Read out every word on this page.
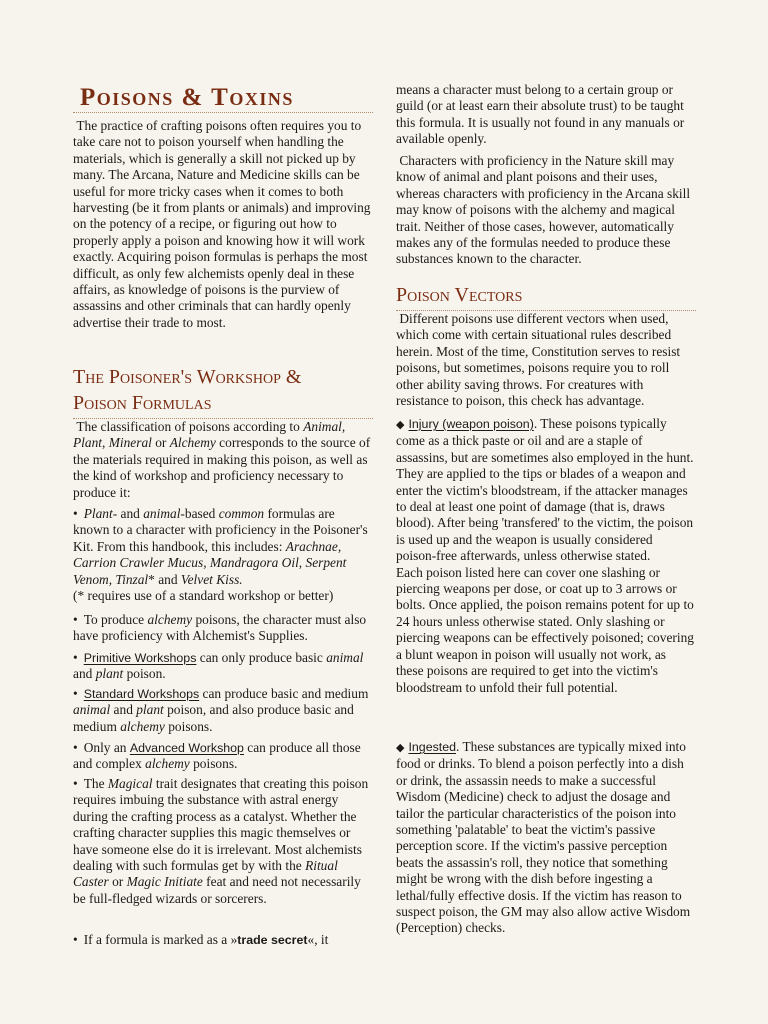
Poisons & Toxins

The practice of crafting poisons often requires you to take care not to poison yourself when handling the materials, which is generally a skill not picked up by many. The Arcana, Nature and Medicine skills can be useful for more tricky cases when it comes to both harvesting (be it from plants or animals) and improving on the potency of a recipe, or figuring out how to properly apply a poison and knowing how it will work exactly. Acquiring poison formulas is perhaps the most difficult, as only few alchemists openly deal in these affairs, as knowledge of poisons is the purview of assassins and other criminals that can hardly openly advertise their trade to most.

The Poisoner's Workshop &
Poison Formulas

The classification of poisons according to Animal, Plant, Mineral or Alchemy corresponds to the source of the materials required in making this poison, as well as the kind of workshop and proficiency necessary to produce it:

• Plant- and animal-based common formulas are known to a character with proficiency in the Poisoner's Kit. From this handbook, this includes: Arachnae, Carrion Crawler Mucus, Mandragora Oil, Serpent Venom, Tinzal* and Velvet Kiss.
(* requires use of a standard workshop or better)

• To produce alchemy poisons, the character must also have proficiency with Alchemist's Supplies.

• Primitive Workshops can only produce basic animal and plant poison.

• Standard Workshops can produce basic and medium animal and plant poison, and also produce basic and medium alchemy poisons.

• Only an Advanced Workshop can produce all those and complex alchemy poisons.

• The Magical trait designates that creating this poison requires imbuing the substance with astral energy during the crafting process as a catalyst. Whether the crafting character supplies this magic themselves or have someone else do it is irrelevant. Most alchemists dealing with such formulas get by with the Ritual Caster or Magic Initiate feat and need not necessarily be full-fledged wizards or sorcerers.

• If a formula is marked as a »trade secret«, it

means a character must belong to a certain group or guild (or at least earn their absolute trust) to be taught this formula. It is usually not found in any manuals or available openly.

Characters with proficiency in the Nature skill may know of animal and plant poisons and their uses, whereas characters with proficiency in the Arcana skill may know of poisons with the alchemy and magical trait. Neither of those cases, however, automatically makes any of the formulas needed to produce these substances known to the character.

Poison Vectors

Different poisons use different vectors when used, which come with certain situational rules described herein. Most of the time, Constitution serves to resist poisons, but sometimes, poisons require you to roll other ability saving throws. For creatures with resistance to poison, this check has advantage.

◆ Injury (weapon poison). These poisons typically come as a thick paste or oil and are a staple of assassins, but are sometimes also employed in the hunt. They are applied to the tips or blades of a weapon and enter the victim's bloodstream, if the attacker manages to deal at least one point of damage (that is, draws blood). After being 'transfered' to the victim, the poison is used up and the weapon is usually considered poison-free afterwards, unless otherwise stated.
Each poison listed here can cover one slashing or piercing weapons per dose, or coat up to 3 arrows or bolts. Once applied, the poison remains potent for up to 24 hours unless otherwise stated. Only slashing or piercing weapons can be effectively poisoned; covering a blunt weapon in poison will usually not work, as these poisons are required to get into the victim's bloodstream to unfold their full potential.

◆ Ingested. These substances are typically mixed into food or drinks. To blend a poison perfectly into a dish or drink, the assassin needs to make a successful Wisdom (Medicine) check to adjust the dosage and tailor the particular characteristics of the poison into something 'palatable' to beat the victim's passive perception score. If the victim's passive perception beats the assassin's roll, they notice that something might be wrong with the dish before ingesting a lethal/fully effective dosis. If the victim has reason to suspect poison, the GM may also allow active Wisdom (Perception) checks.
